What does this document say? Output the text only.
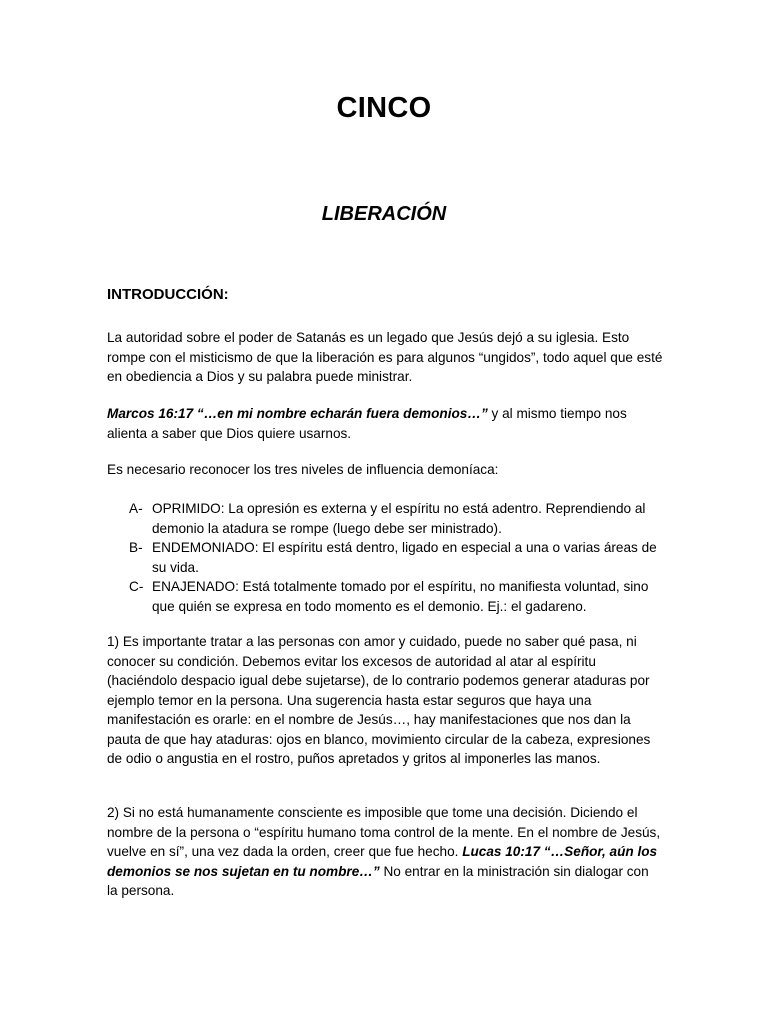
CINCO
LIBERACIÓN
INTRODUCCIÓN:
La autoridad sobre el poder de Satanás es un legado que Jesús dejó a su iglesia. Esto rompe con el misticismo de que la liberación es para algunos “ungidos”, todo aquel que esté en obediencia a Dios y su palabra puede ministrar.
Marcos 16:17 “…en mi nombre echarán fuera demonios…” y al mismo tiempo nos alienta a saber que Dios quiere usarnos.
Es necesario reconocer los tres niveles de influencia demoníaca:
A- OPRIMIDO: La opresión es externa y el espíritu no está adentro. Reprendiendo al demonio la atadura se rompe (luego debe ser ministrado).
B- ENDEMONIADO: El espíritu está dentro, ligado en especial a una o varias áreas de su vida.
C- ENAJENADO: Está totalmente tomado por el espíritu, no manifiesta voluntad, sino que quién se expresa en todo momento es el demonio. Ej.: el gadareno.
1) Es importante tratar a las personas con amor y cuidado, puede no saber qué pasa, ni conocer su condición. Debemos evitar los excesos de autoridad al atar al espíritu (haciéndolo despacio igual debe sujetarse), de lo contrario podemos generar ataduras por ejemplo temor en la persona. Una sugerencia hasta estar seguros que haya una manifestación es orarle: en el nombre de Jesús…, hay manifestaciones que nos dan la pauta de que hay ataduras: ojos en blanco, movimiento circular de la cabeza, expresiones de odio o angustia en el rostro, puños apretados y gritos al imponerles las manos.
2) Si no está humanamente consciente es imposible que tome una decisión. Diciendo el nombre de la persona o “espíritu humano toma control de la mente. En el nombre de Jesús, vuelve en sí”, una vez dada la orden, creer que fue hecho. Lucas 10:17 “…Señor, aún los demonios se nos sujetan en tu nombre…” No entrar en la ministración sin dialogar con la persona.
